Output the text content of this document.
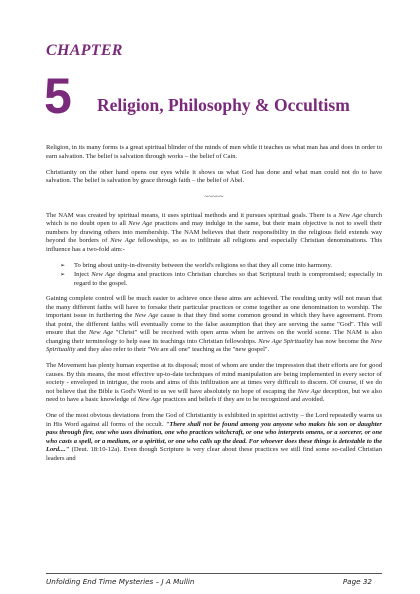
CHAPTER
5 Religion, Philosophy & Occultism

Religion, in its many forms is a great spiritual blinder of the minds of men while it teaches us what man has and does in order to earn salvation. The belief is salvation through works – the belief of Cain.

Christianity on the other hand opens our eyes while it shows us what God has done and what man could not do to have salvation. The belief is salvation by grace through faith – the belief of Abel.

~~~~~

The NAM was created by spiritual means, it uses spiritual methods and it pursues spiritual goals. There is a New Age church which is no doubt open to all New Age practices and may indulge in the same, but their main objective is not to swell their numbers by drawing others into membership. The NAM believes that their responsibility in the religious field extends way beyond the borders of New Age fellowships, so as to infiltrate all religions and especially Christian denominations. This influence has a two-fold aim:-

➢ To bring about unity-in-diversity between the world's religions so that they all come into harmony.
➢ Inject New Age dogma and practices into Christian churches so that Scriptural truth is compromised; especially in regard to the gospel.

Gaining complete control will be much easier to achieve once these aims are achieved. The resulting unity will not mean that the many different faiths will have to forsake their particular practices or come together as one denomination to worship. The important issue in furthering the New Age cause is that they find some common ground in which they have agreement. From that point, the different faiths will eventually come to the false assumption that they are serving the same "God". This will ensure that the New Age "Christ" will be received with open arms when he arrives on the world scene. The NAM is also changing their terminology to help ease its teachings into Christian fellowships. New Age Spirituality has now become the New Spirituality and they also refer to their "We are all one" teaching as the "new gospel".

The Movement has plenty human expertise at its disposal; most of whom are under the impression that their efforts are for good causes. By this means, the most effective up-to-date techniques of mind manipulation are being implemented in every sector of society - enveloped in intrigue, the roots and aims of this infiltration are at times very difficult to discern. Of course, if we do not believe that the Bible is God's Word to us we will have absolutely no hope of escaping the New Age deception, but we also need to have a basic knowledge of New Age practices and beliefs if they are to be recognized and avoided.

One of the most obvious deviations from the God of Christianity is exhibited in spiritist activity – the Lord repeatedly warns us in His Word against all forms of the occult. "There shall not be found among you anyone who makes his son or daughter pass through fire, one who uses divination, one who practices witchcraft, or one who interprets omens, or a sorcerer, or one who casts a spell, or a medium, or a spiritist, or one who calls up the dead. For whoever does these things is detestable to the Lord...." (Deut. 18:10-12a). Even though Scripture is very clear about these practices we still find some so-called Christian leaders and

Unfolding End Time Mysteries – J A Mullin	Page 32
